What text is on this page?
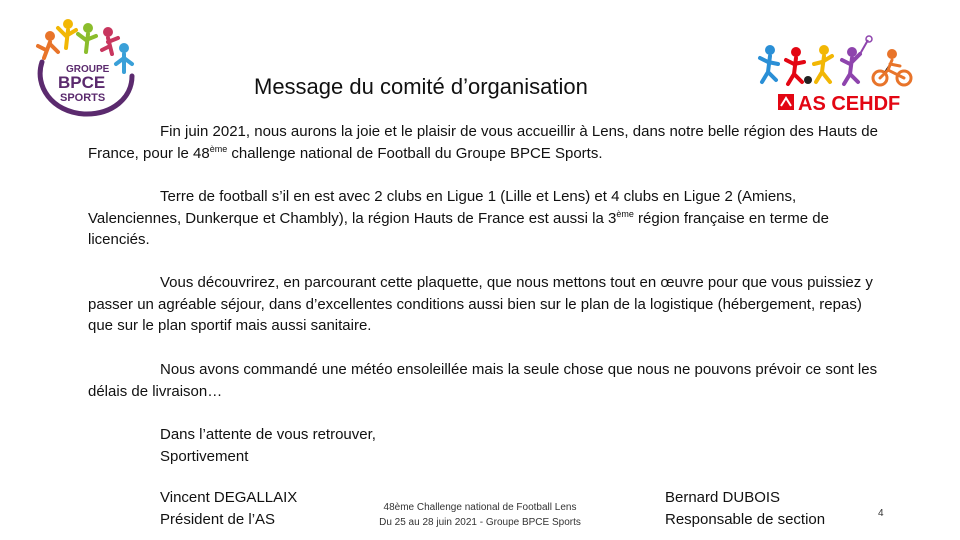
GROUPE
BPCE
SPORTS	AS CEHDF
Message du comité d’organisation
Fin juin 2021, nous aurons la joie et le plaisir de vous accueillir à Lens, dans notre belle région des Hauts de France, pour le 48ème challenge national de Football du Groupe BPCE Sports.
Terre de football s’il en est avec 2 clubs en Ligue 1 (Lille et Lens) et 4 clubs en Ligue 2 (Amiens, Valenciennes, Dunkerque et Chambly), la région Hauts de France est aussi la 3ème région française en terme de licenciés.
Vous découvrirez, en parcourant cette plaquette, que nous mettons tout en œuvre pour que vous puissiez y passer un agréable séjour, dans d’excellentes conditions aussi bien sur le plan de la logistique (hébergement, repas) que sur le plan sportif mais aussi sanitaire.
Nous avons commandé une météo ensoleillée mais la seule chose que nous ne pouvons prévoir ce sont les délais de livraison…
Dans l’attente de vous retrouver,
Sportivement
Vincent DEGALLAIX
Président de l’AS
48ème Challenge national de Football Lens
Du 25 au 28 juin 2021 - Groupe BPCE Sports
Bernard DUBOIS
Responsable de section	4
